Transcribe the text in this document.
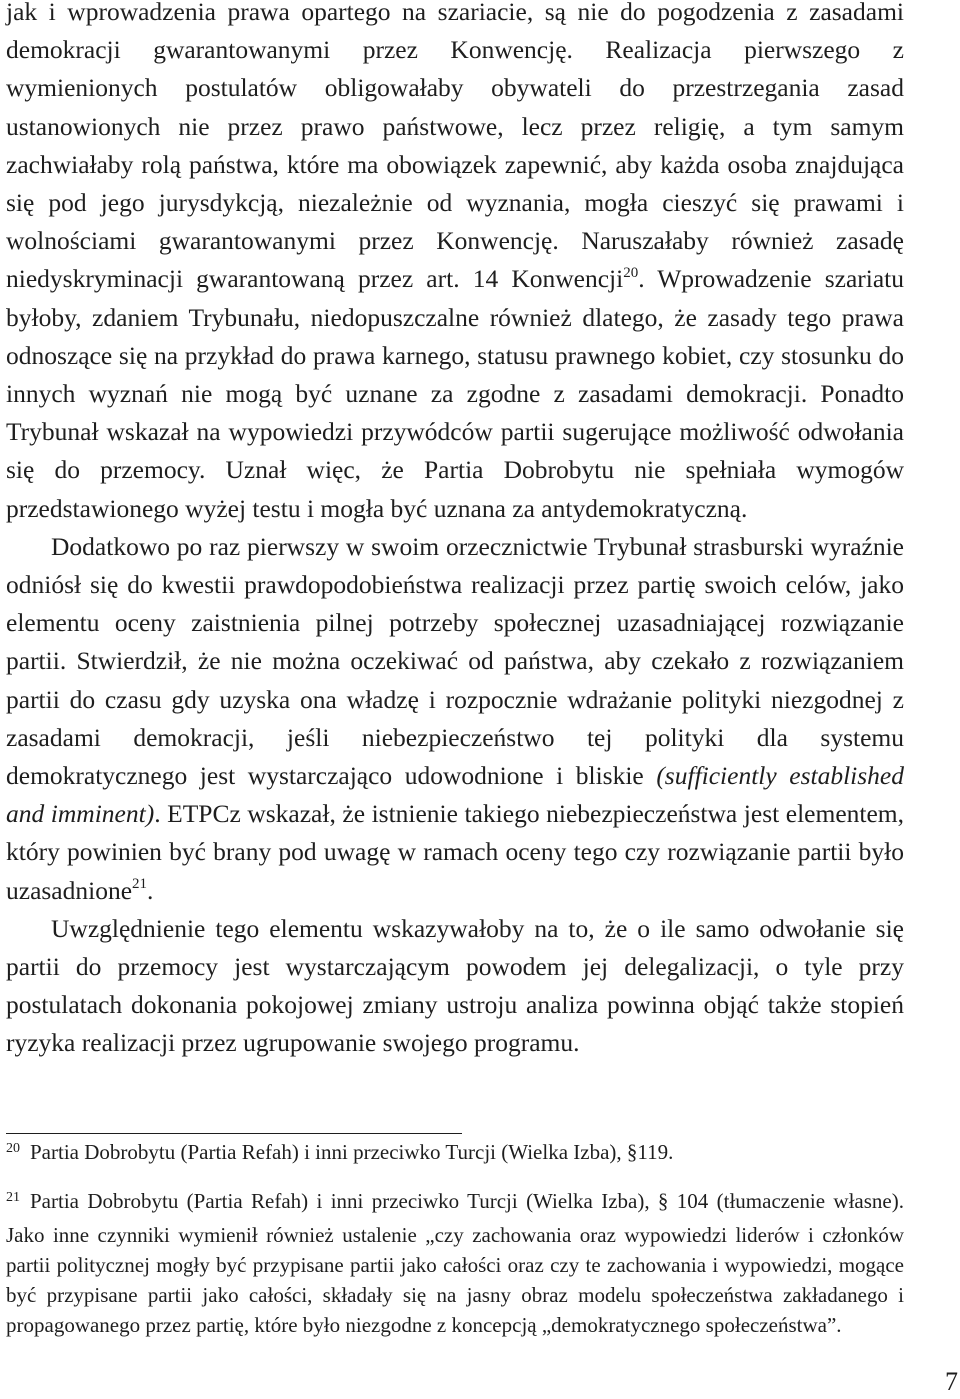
jak i wprowadzenia prawa opartego na szariacie, są nie do pogodzenia z zasadami demokracji gwarantowanymi przez Konwencję. Realizacja pierwszego z wymienionych postulatów obligowałaby obywateli do przestrzegania zasad ustanowionych nie przez prawo państwowe, lecz przez religię, a tym samym zachwiałaby rolą państwa, które ma obowiązek zapewnić, aby każda osoba znajdująca się pod jego jurysdykcją, niezależnie od wyznania, mogła cieszyć się prawami i wolnościami gwarantowanymi przez Konwencję. Naruszałaby również zasadę niedyskryminacji gwarantowaną przez art. 14 Konwencji$^{20}$. Wprowadzenie szariatu byłoby, zdaniem Trybunału, niedopuszczalne również dlatego, że zasady tego prawa odnoszące się na przykład do prawa karnego, statusu prawnego kobiet, czy stosunku do innych wyznań nie mogą być uznane za zgodne z zasadami demokracji. Ponadto Trybunał wskazał na wypowiedzi przywódców partii sugerujące możliwość odwołania się do przemocy. Uznał więc, że Partia Dobrobytu nie spełniała wymogów przedstawionego wyżej testu i mogła być uznana za antydemokratyczną.

Dodatkowo po raz pierwszy w swoim orzecznictwie Trybunał strasburski wyraźnie odniósł się do kwestii prawdopodobieństwa realizacji przez partię swoich celów, jako elementu oceny zaistnienia pilnej potrzeby społecznej uzasadniającej rozwiązanie partii. Stwierdził, że nie można oczekiwać od państwa, aby czekało z rozwiązaniem partii do czasu gdy uzyska ona władzę i rozpocznie wdrażanie polityki niezgodnej z zasadami demokracji, jeśli niebezpieczeństwo tej polityki dla systemu demokratycznego jest wystarczająco udowodnione i bliskie (sufficiently established and imminent). ETPCz wskazał, że istnienie takiego niebezpieczeństwa jest elementem, który powinien być brany pod uwagę w ramach oceny tego czy rozwiązanie partii było uzasadnione$^{21}$.

Uwzględnienie tego elementu wskazywałoby na to, że o ile samo odwołanie się partii do przemocy jest wystarczającym powodem jej delegalizacji, o tyle przy postulatach dokonania pokojowej zmiany ustroju analiza powinna objąć także stopień ryzyka realizacji przez ugrupowanie swojego programu.

$^{20}$ Partia Dobrobytu (Partia Refah) i inni przeciwko Turcji (Wielka Izba), §119.

$^{21}$ Partia Dobrobytu (Partia Refah) i inni przeciwko Turcji (Wielka Izba), § 104 (tłumaczenie własne). Jako inne czynniki wymienił również ustalenie „czy zachowania oraz wypowiedzi liderów i członków partii politycznej mogły być przypisane partii jako całości oraz czy te zachowania i wypowiedzi, mogące być przypisane partii jako całości, składały się na jasny obraz modelu społeczeństwa zakładanego i propagowanego przez partię, które było niezgodne z koncepcją „demokratycznego społeczeństwa”.

7
